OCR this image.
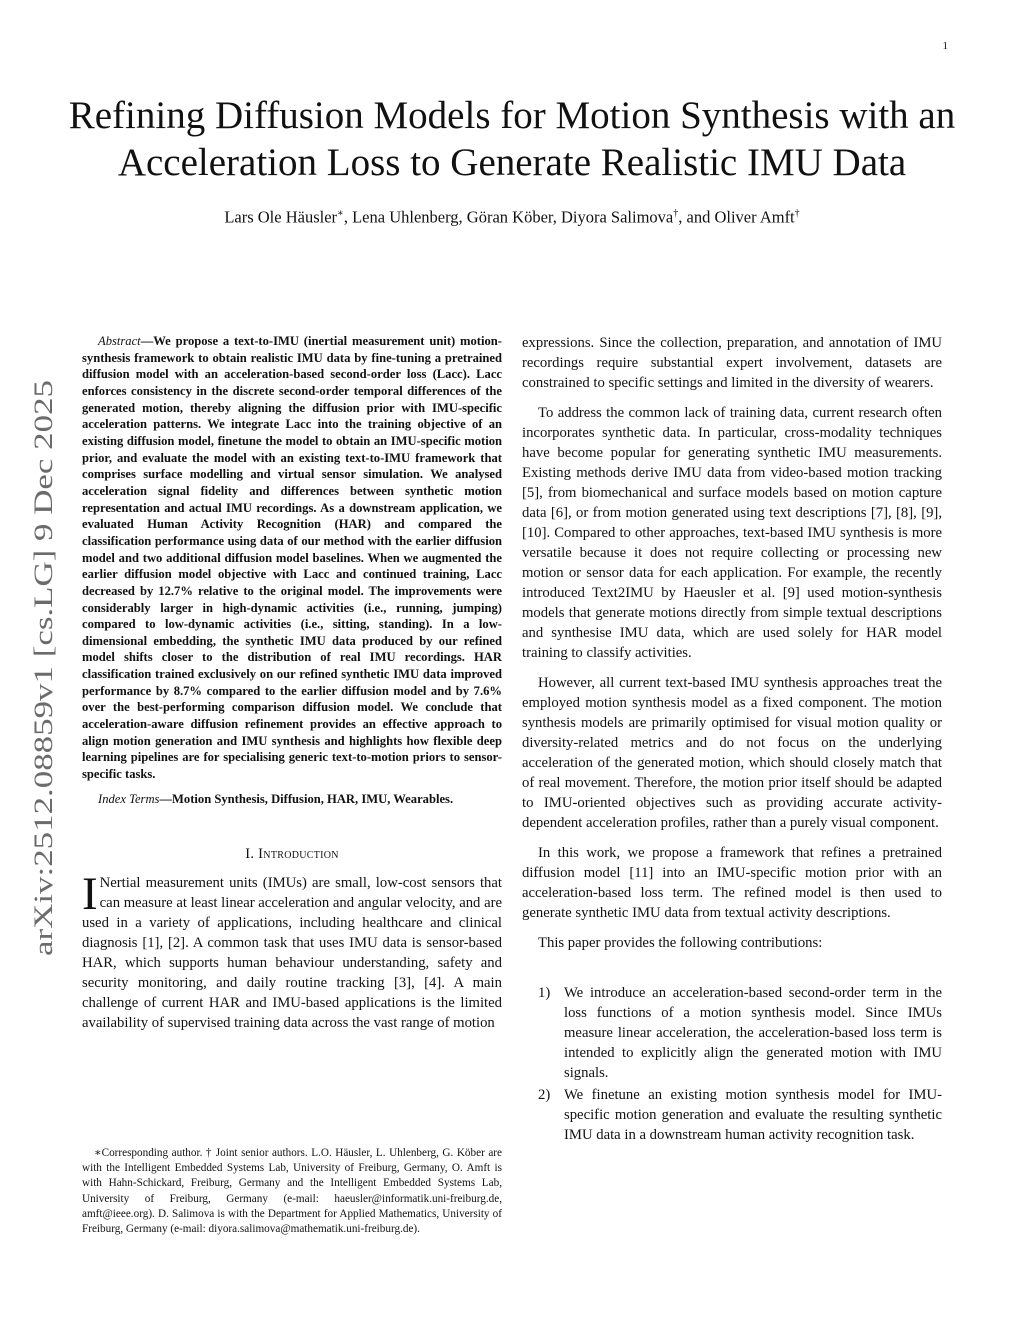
1
arXiv:2512.08859v1 [cs.LG] 9 Dec 2025
Refining Diffusion Models for Motion Synthesis with an Acceleration Loss to Generate Realistic IMU Data
Lars Ole Häusler∗, Lena Uhlenberg, Göran Köber, Diyora Salimova†, and Oliver Amft†

Abstract—We propose a text-to-IMU (inertial measurement unit) motion-synthesis framework to obtain realistic IMU data by fine-tuning a pretrained diffusion model with an acceleration-based second-order loss (Lacc). Lacc enforces consistency in the discrete second-order temporal differences of the generated motion, thereby aligning the diffusion prior with IMU-specific acceleration patterns. We integrate Lacc into the training objective of an existing diffusion model, finetune the model to obtain an IMU-specific motion prior, and evaluate the model with an existing text-to-IMU framework that comprises surface modelling and virtual sensor simulation. We analysed acceleration signal fidelity and differences between synthetic motion representation and actual IMU recordings. As a downstream application, we evaluated Human Activity Recognition (HAR) and compared the classification performance using data of our method with the earlier diffusion model and two additional diffusion model baselines. When we augmented the earlier diffusion model objective with Lacc and continued training, Lacc decreased by 12.7% relative to the original model. The improvements were considerably larger in high-dynamic activities (i.e., running, jumping) compared to low-dynamic activities (i.e., sitting, standing). In a low-dimensional embedding, the synthetic IMU data produced by our refined model shifts closer to the distribution of real IMU recordings. HAR classification trained exclusively on our refined synthetic IMU data improved performance by 8.7% compared to the earlier diffusion model and by 7.6% over the best-performing comparison diffusion model. We conclude that acceleration-aware diffusion refinement provides an effective approach to align motion generation and IMU synthesis and highlights how flexible deep learning pipelines are for specialising generic text-to-motion priors to sensor-specific tasks.

Index Terms—Motion Synthesis, Diffusion, HAR, IMU, Wearables.

I. Introduction

I Nertial measurement units (IMUs) are small, low-cost sensors that can measure at least linear acceleration and angular velocity, and are used in a variety of applications, including healthcare and clinical diagnosis [1], [2]. A common task that uses IMU data is sensor-based HAR, which supports human behaviour understanding, safety and security monitoring, and daily routine tracking [3], [4]. A main challenge of current HAR and IMU-based applications is the limited availability of supervised training data across the vast range of motion

∗Corresponding author. † Joint senior authors. L.O. Häusler, L. Uhlenberg, G. Köber are with the Intelligent Embedded Systems Lab, University of Freiburg, Germany, O. Amft is with Hahn-Schickard, Freiburg, Germany and the Intelligent Embedded Systems Lab, University of Freiburg, Germany (e-mail: haeusler@informatik.uni-freiburg.de, amft@ieee.org). D. Salimova is with the Department for Applied Mathematics, University of Freiburg, Germany (e-mail: diyora.salimova@mathematik.uni-freiburg.de).

expressions. Since the collection, preparation, and annotation of IMU recordings require substantial expert involvement, datasets are constrained to specific settings and limited in the diversity of wearers.

To address the common lack of training data, current research often incorporates synthetic data. In particular, cross-modality techniques have become popular for generating synthetic IMU measurements. Existing methods derive IMU data from video-based motion tracking [5], from biomechanical and surface models based on motion capture data [6], or from motion generated using text descriptions [7], [8], [9], [10]. Compared to other approaches, text-based IMU synthesis is more versatile because it does not require collecting or processing new motion or sensor data for each application. For example, the recently introduced Text2IMU by Haeusler et al. [9] used motion-synthesis models that generate motions directly from simple textual descriptions and synthesise IMU data, which are used solely for HAR model training to classify activities.

However, all current text-based IMU synthesis approaches treat the employed motion synthesis model as a fixed component. The motion synthesis models are primarily optimised for visual motion quality or diversity-related metrics and do not focus on the underlying acceleration of the generated motion, which should closely match that of real movement. Therefore, the motion prior itself should be adapted to IMU-oriented objectives such as providing accurate activity-dependent acceleration profiles, rather than a purely visual component.

In this work, we propose a framework that refines a pretrained diffusion model [11] into an IMU-specific motion prior with an acceleration-based loss term. The refined model is then used to generate synthetic IMU data from textual activity descriptions.

This paper provides the following contributions:

1) We introduce an acceleration-based second-order term in the loss functions of a motion synthesis model. Since IMUs measure linear acceleration, the acceleration-based loss term is intended to explicitly align the generated motion with IMU signals.
2) We finetune an existing motion synthesis model for IMU-specific motion generation and evaluate the resulting synthetic IMU data in a downstream human activity recognition task.
